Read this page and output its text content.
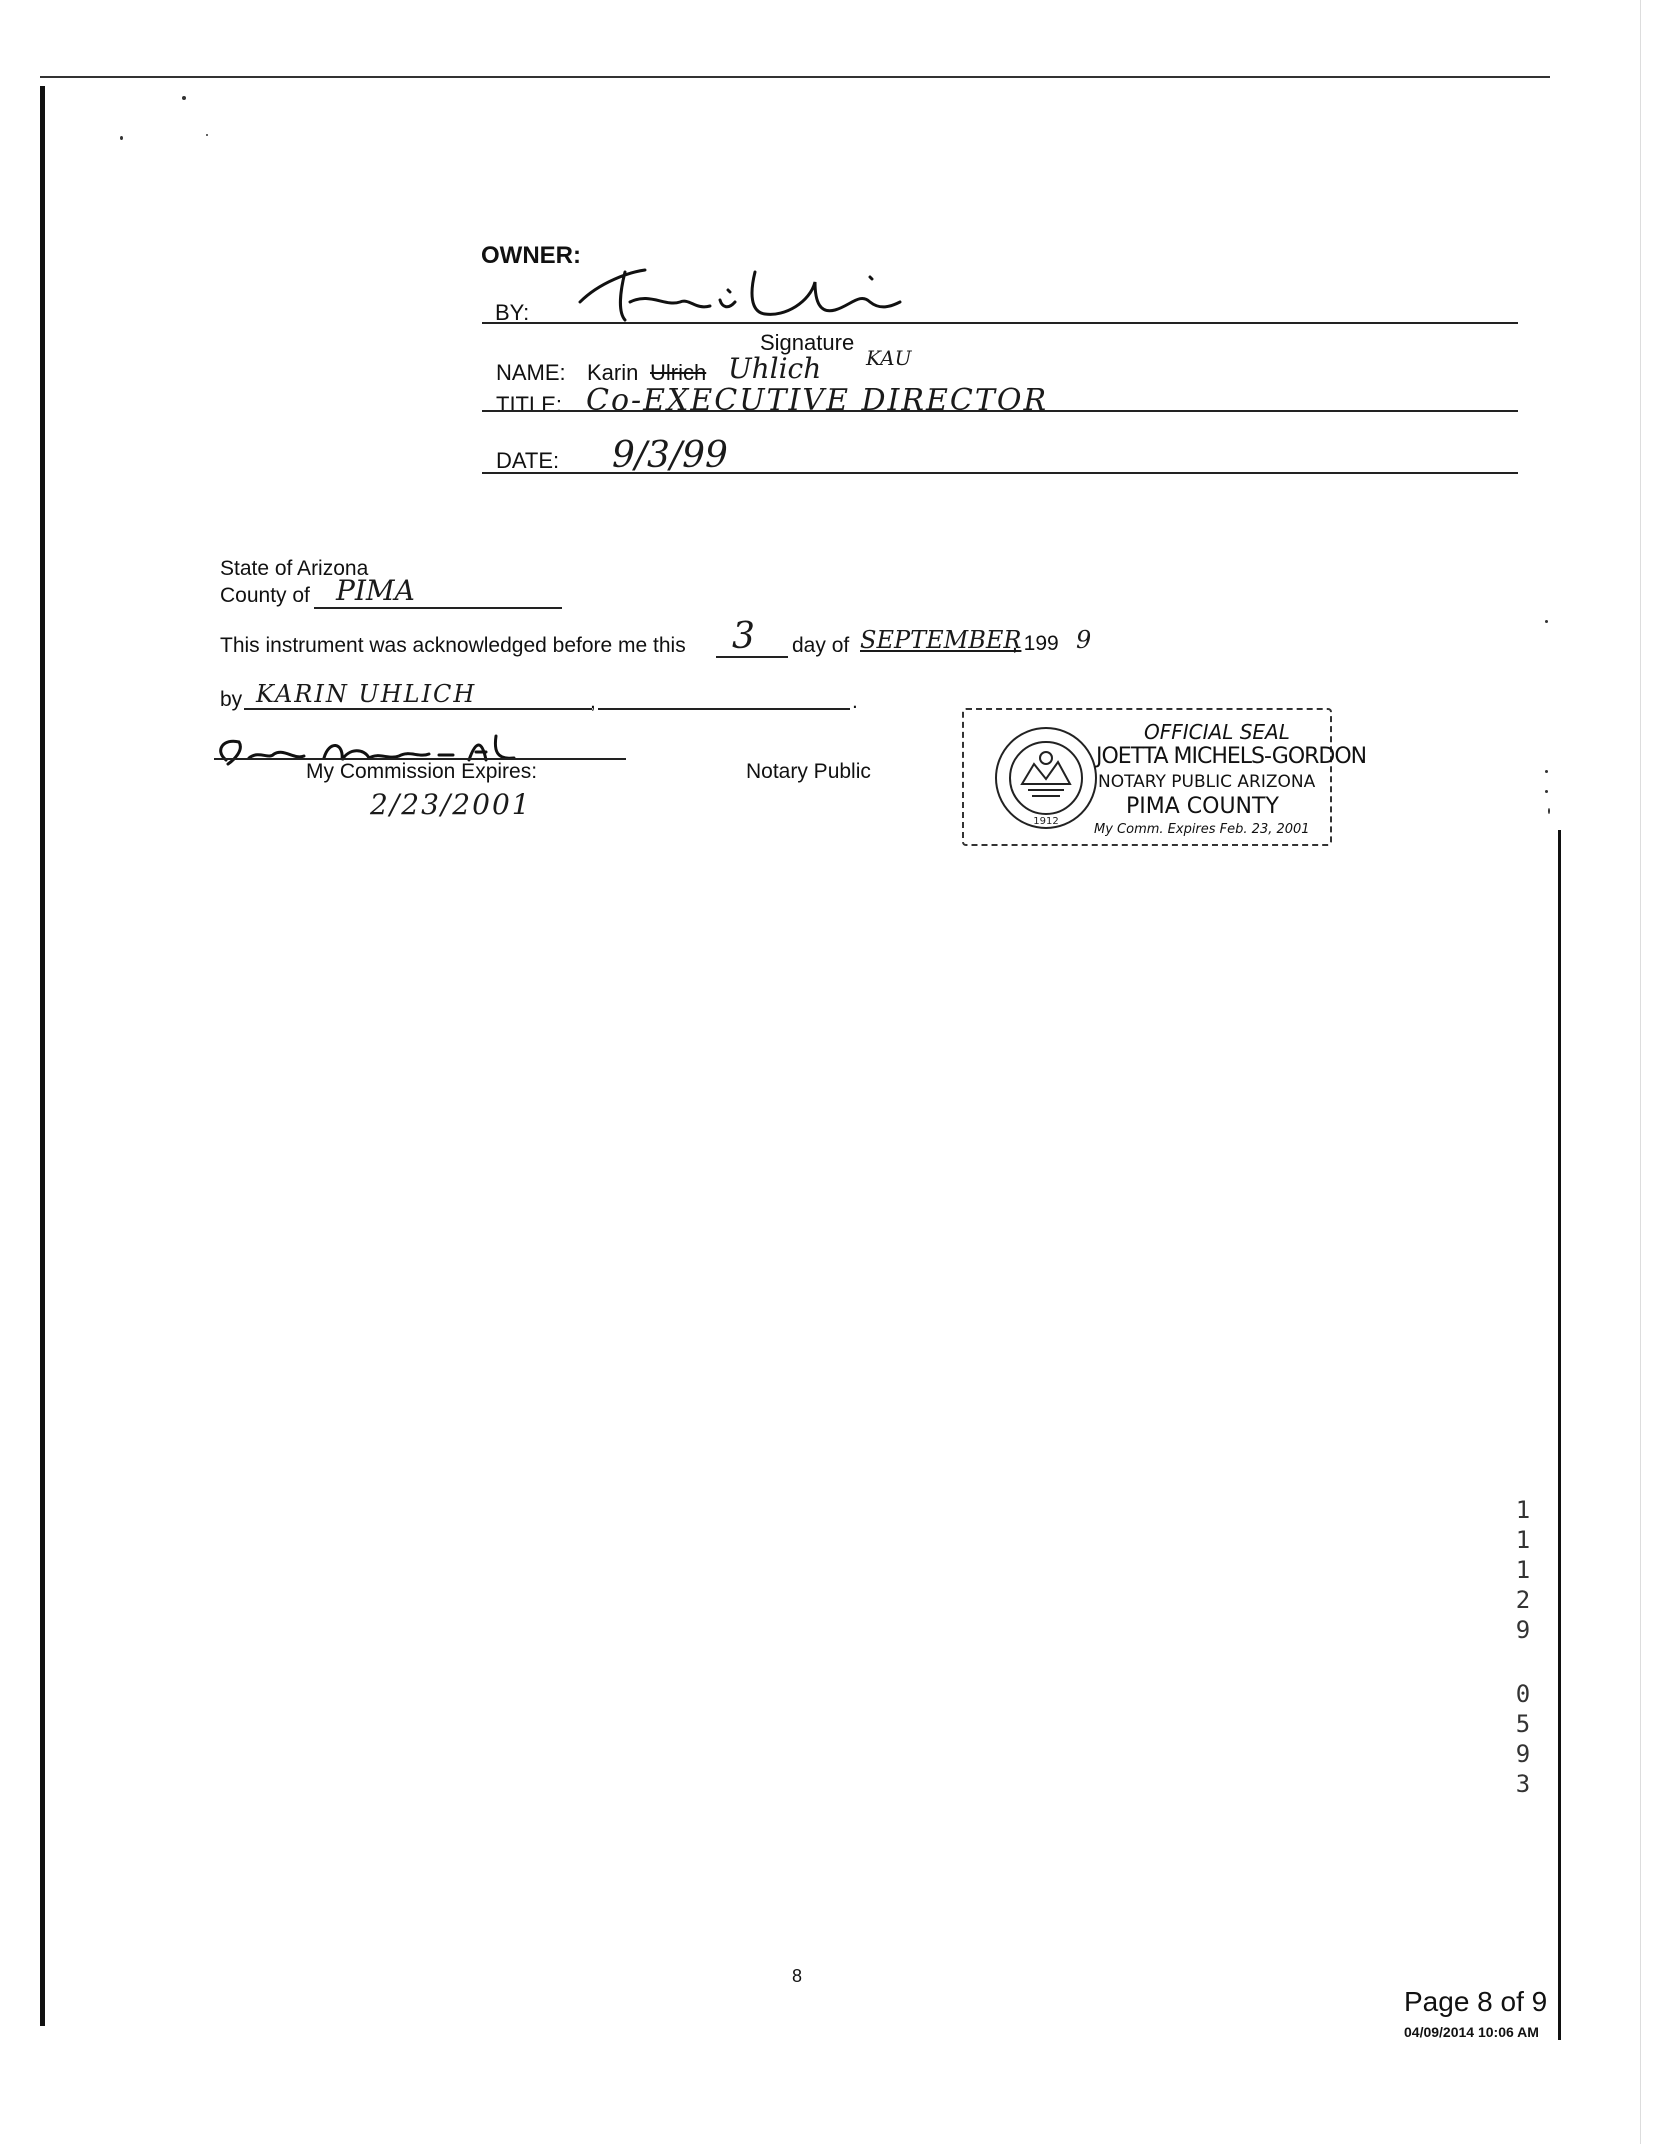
OWNER:
BY:
Signature
NAME: Karin Ulrich Uhlich KAU
TITLE: Co-EXECUTIVE DIRECTOR
DATE: 9/3/99
State of Arizona
County of PIMA
This instrument was acknowledged before me this 3 day of SEPTEMBER
, 199 9
by KARIN UHLICH	,	.
My Commission Expires:
2/23/2001
Notary Public
1912
OFFICIAL SEAL
JOETTA MICHELS-GORDON
NOTARY PUBLIC ARIZONA
PIMA COUNTY
My Comm. Expires Feb. 23, 2001
1
1
1
2
9
0
5
9
3
8
Page 8 of 9
04/09/2014 10:06 AM
